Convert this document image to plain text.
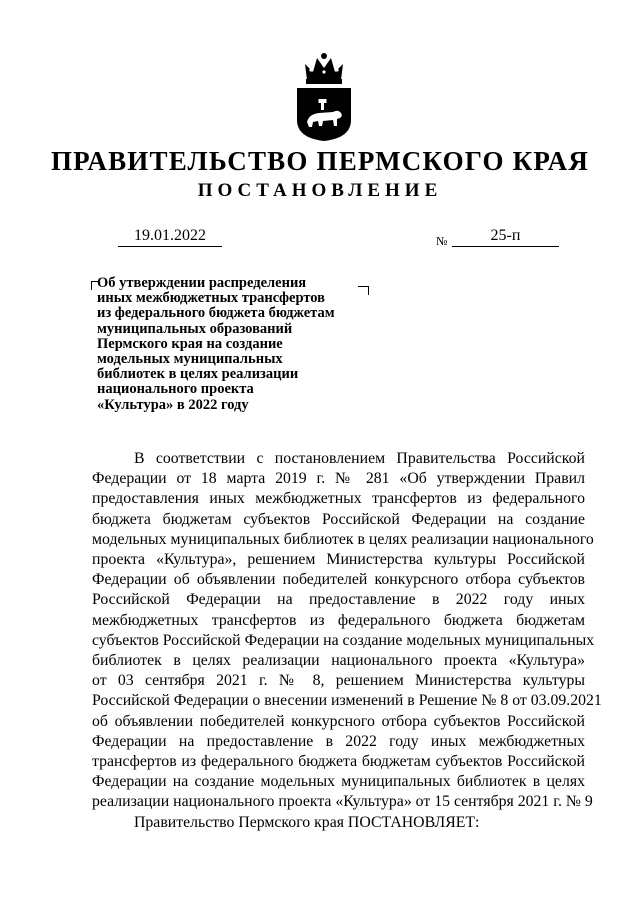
ПРАВИТЕЛЬСТВО ПЕРМСКОГО КРАЯ
ПОСТАНОВЛЕНИЕ
19.01.2022	№	25-п
Об утверждении распределения
иных межбюджетных трансфертов
из федерального бюджета бюджетам
муниципальных образований
Пермского края на создание
модельных муниципальных
библиотек в целях реализации
национального проекта
«Культура» в 2022 году

В соответствии с постановлением Правительства Российской
Федерации от 18 марта 2019 г. № 281 «Об утверждении Правил
предоставления иных межбюджетных трансфертов из федерального
бюджета бюджетам субъектов Российской Федерации на создание
модельных муниципальных библиотек в целях реализации национального
проекта «Культура», решением Министерства культуры Российской
Федерации об объявлении победителей конкурсного отбора субъектов
Российской Федерации на предоставление в 2022 году иных
межбюджетных трансфертов из федерального бюджета бюджетам
субъектов Российской Федерации на создание модельных муниципальных
библиотек в целях реализации национального проекта «Культура»
от 03 сентября 2021 г. № 8, решением Министерства культуры
Российской Федерации о внесении изменений в Решение № 8 от 03.09.2021
об объявлении победителей конкурсного отбора субъектов Российской
Федерации на предоставление в 2022 году иных межбюджетных
трансфертов из федерального бюджета бюджетам субъектов Российской
Федерации на создание модельных муниципальных библиотек в целях
реализации национального проекта «Культура» от 15 сентября 2021 г. № 9

Правительство Пермского края ПОСТАНОВЛЯЕТ:
